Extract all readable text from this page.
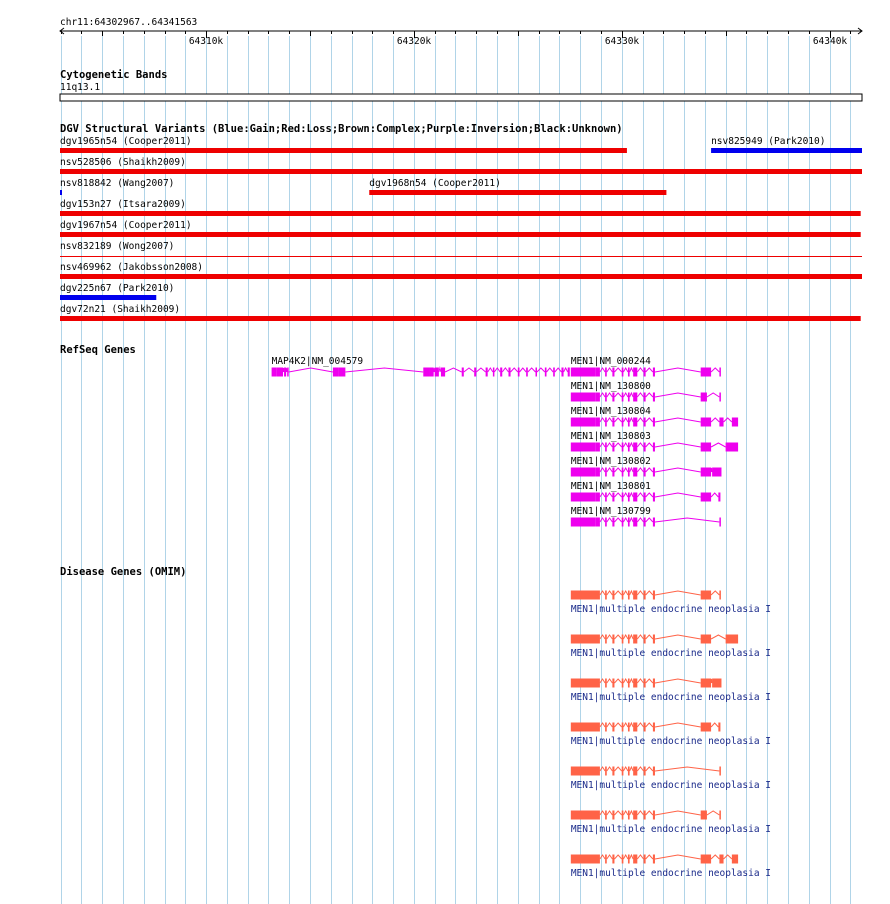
chr11:64302967..64341563
64310k	64320k	64330k	64340k
Cytogenetic Bands
11q13.1
DGV Structural Variants (Blue:Gain;Red:Loss;Brown:Complex;Purple:Inversion;Black:Unknown)
dgv1965n54 (Cooper2011)	nsv825949 (Park2010)
nsv528506 (Shaikh2009)
nsv818842 (Wang2007)	dgv1968n54 (Cooper2011)
dgv153n27 (Itsara2009)
dgv1967n54 (Cooper2011)
nsv832189 (Wong2007)
nsv469962 (Jakobsson2008)
dgv225n67 (Park2010)
dgv72n21 (Shaikh2009)
RefSeq Genes
MAP4K2|NM_004579	MEN1|NM_000244
MEN1|NM_130800
MEN1|NM_130804
MEN1|NM_130803
MEN1|NM_130802
MEN1|NM_130801
MEN1|NM_130799
Disease Genes (OMIM)
MEN1|multiple endocrine neoplasia I
MEN1|multiple endocrine neoplasia I
MEN1|multiple endocrine neoplasia I
MEN1|multiple endocrine neoplasia I
MEN1|multiple endocrine neoplasia I
MEN1|multiple endocrine neoplasia I
MEN1|multiple endocrine neoplasia I
